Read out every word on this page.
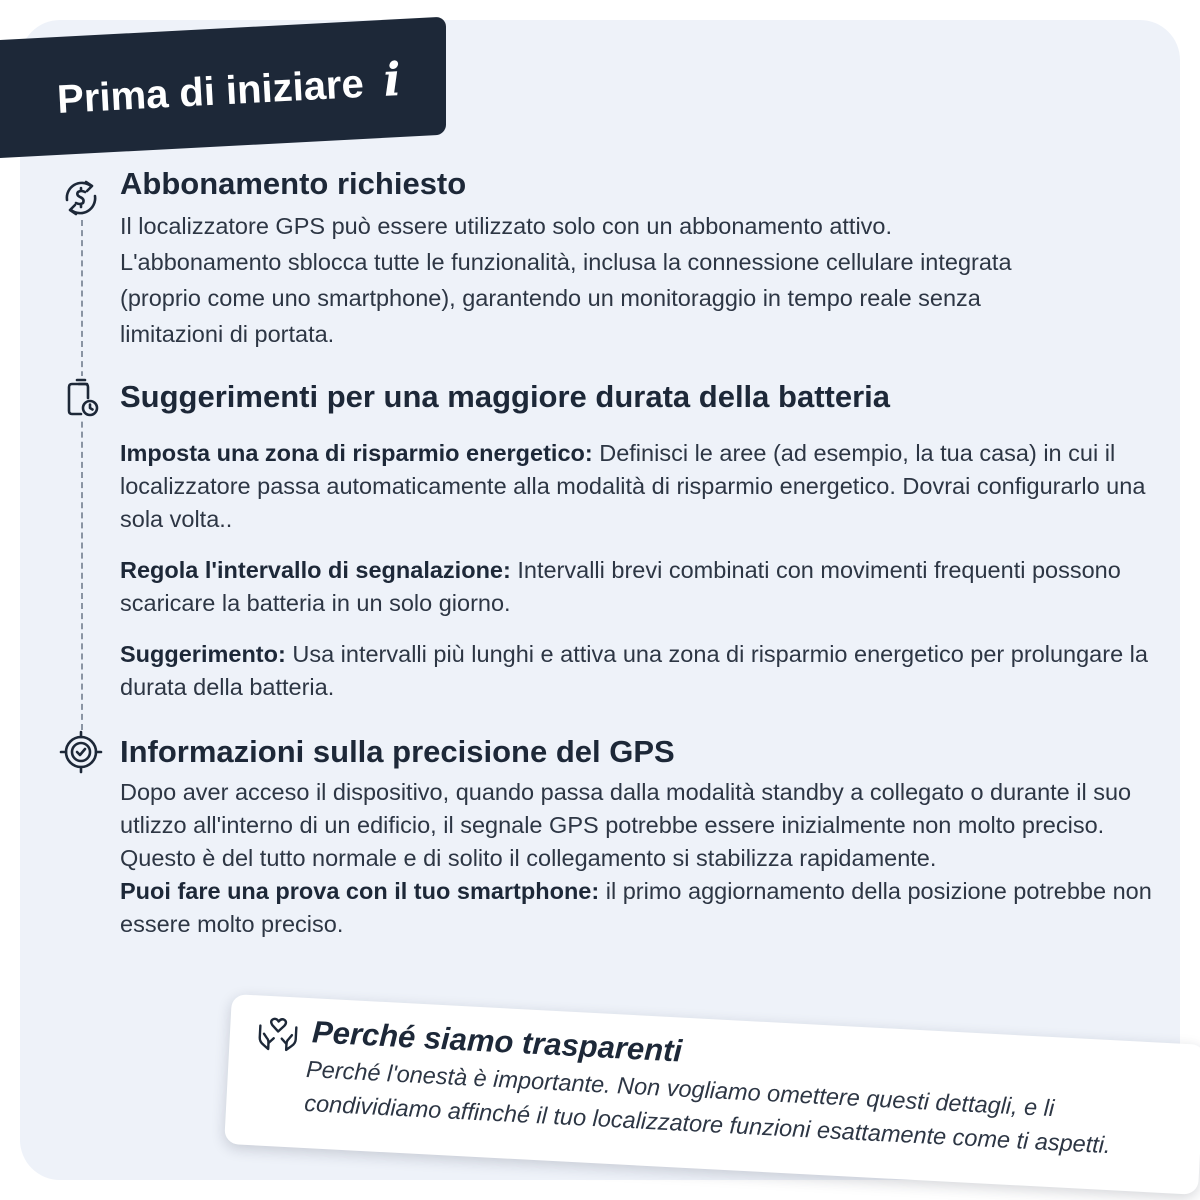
Prima di iniziare i
Abbonamento richiesto

Il localizzatore GPS può essere utilizzato solo con un abbonamento attivo.

L'abbonamento sblocca tutte le funzionalità, inclusa la connessione cellulare integrata

(proprio come uno smartphone), garantendo un monitoraggio in tempo reale senza

limitazioni di portata.

Suggerimenti per una maggiore durata della batteria

Imposta una zona di risparmio energetico: Definisci le aree (ad esempio, la tua casa) in cui il localizzatore passa automaticamente alla modalità di risparmio energetico. Dovrai configurarlo una sola volta..

Regola l'intervallo di segnalazione: Intervalli brevi combinati con movimenti frequenti possono scaricare la batteria in un solo giorno.

Suggerimento: Usa intervalli più lunghi e attiva una zona di risparmio energetico per prolungare la durata della batteria.

Informazioni sulla precisione del GPS

Dopo aver acceso il dispositivo, quando passa dalla modalità standby a collegato o durante il suo utlizzo all'interno di un edificio, il segnale GPS potrebbe essere inizialmente non molto preciso. Questo è del tutto normale e di solito il collegamento si stabilizza rapidamente.

Puoi fare una prova con il tuo smartphone: il primo aggiornamento della posizione potrebbe non essere molto preciso.

Perché siamo trasparenti
Perché l'onestà è importante. Non vogliamo omettere questi dettagli, e li condividiamo affinché il tuo localizzatore funzioni esattamente come ti aspetti.
